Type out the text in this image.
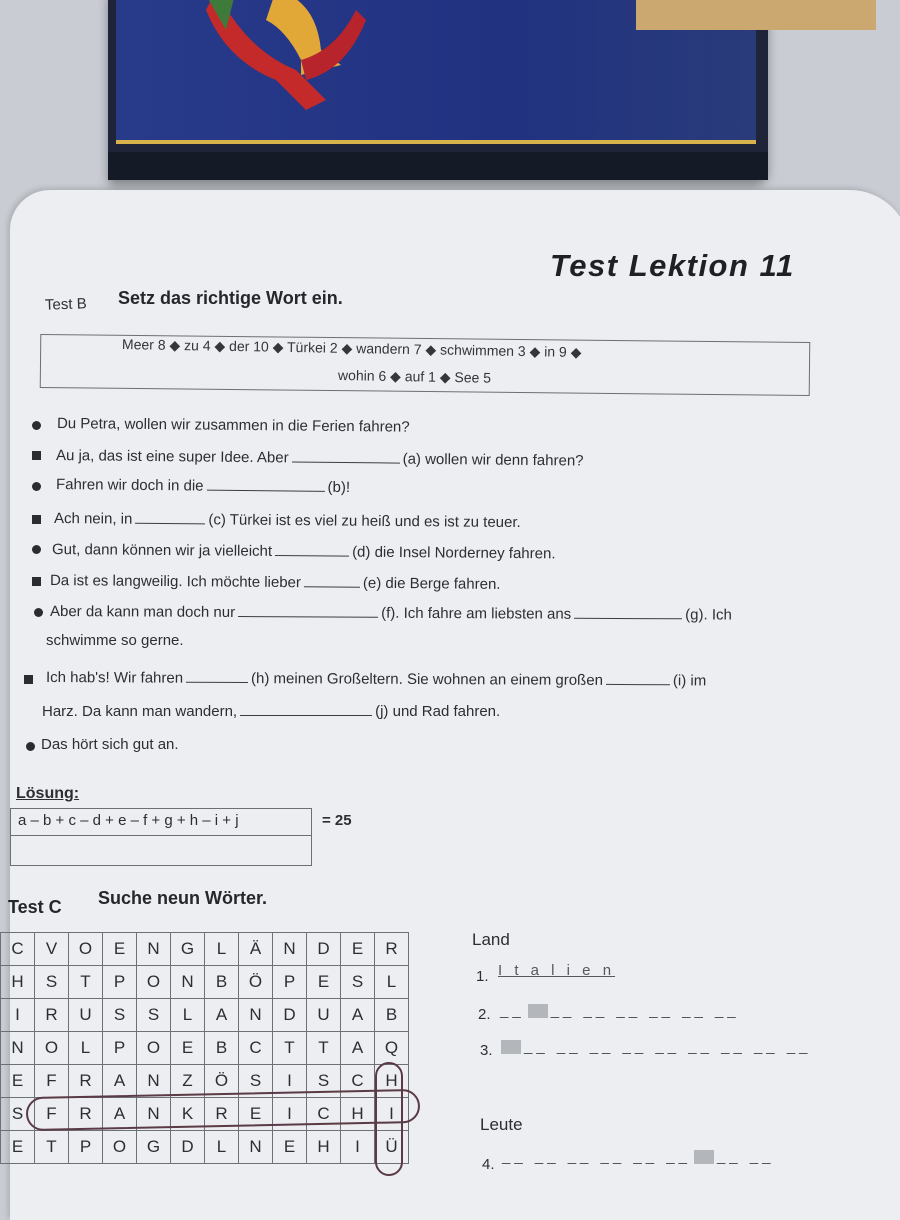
Test Lektion 11
Test B Setz das richtige Wort ein.
Meer 8 ◆ zu 4 ◆ der 10 ◆ Türkei 2 ◆ wandern 7 ◆ schwimmen 3 ◆ in 9 ◆
wohin 6 ◆ auf 1 ◆ See 5
Du Petra, wollen wir zusammen in die Ferien fahren?
Au ja, das ist eine super Idee. Aber	(a) wollen wir denn fahren?
Fahren wir doch in die	(b)!
Ach nein, in	(c) Türkei ist es viel zu heiß und es ist zu teuer.
Gut, dann können wir ja vielleicht	(d) die Insel Norderney fahren.
Da ist es langweilig. Ich möchte lieber	(e) die Berge fahren.
Aber da kann man doch nur	(f). Ich fahre am liebsten ans	(g). Ich
schwimme so gerne.
Ich hab's! Wir fahren	(h) meinen Großeltern. Sie wohnen an einem großen	(i) im
Harz. Da kann man wandern,	(j) und Rad fahren.
Das hört sich gut an.
Lösung:
a – b + c – d + e – f + g + h – i + j	= 25
Test C Suche neun Wörter.
C	V	O	E	N	G	L	Ä	N	D	E	R
H	S	T	P	O	N	B	Ö	P	E	S	L
I	R	U	S	S	L	A	N	D	U	A	B
N	O	L	P	O	E	B	C	T	T	A	Q
E	F	R	A	N	Z	Ö	S	I	S	C	H
S	F	R	A	N	K	R	E	I	C	H	I
E	T	P	O	G	D	L	N	E	H	I	Ü
Land
1. I t a l i e n
2. __ __ __ __ __ __ __
3.	__ __ __ __ __ __ __ __ __
Leute
4. __ __ __ __ __ __ __ __
